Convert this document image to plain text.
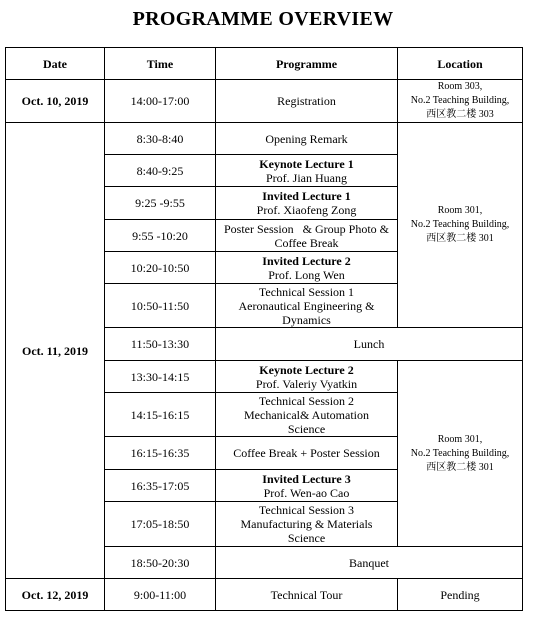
PROGRAMME OVERVIEW
Date	Time	Programme	Location
Oct. 10, 2019	14:00-17:00	Registration	Room 303,
No.2 Teaching Building,
西区教二楼 303

Oct. 11, 2019	8:30-8:40	Opening Remark	Room 301,
No.2 Teaching Building,
西区教二楼 301

	8:40-9:25	Keynote Lecture 1
Prof. Jian Huang	

	9:25 -9:55	Invited Lecture 1
Prof. Xiaofeng Zong	

	9:55 -10:20	Poster Session   & Group Photo &
Coffee Break	

	10:20-10:50	Invited Lecture 2
Prof. Long Wen	

	10:50-11:50	Technical Session 1
Aeronautical Engineering &
Dynamics	

	11:50-13:30	Lunch	

	13:30-14:15	Keynote Lecture 2
Prof. Valeriy Vyatkin	Room 301,
No.2 Teaching Building,
西区教二楼 301

	14:15-16:15	Technical Session 2
Mechanical& Automation
Science	

	16:15-16:35	Coffee Break + Poster Session	

	16:35-17:05	Invited Lecture 3
Prof. Wen-ao Cao	

	17:05-18:50	Technical Session 3
Manufacturing & Materials
Science	

	18:50-20:30	Banquet	

Oct. 12, 2019	9:00-11:00	Technical Tour	Pending
